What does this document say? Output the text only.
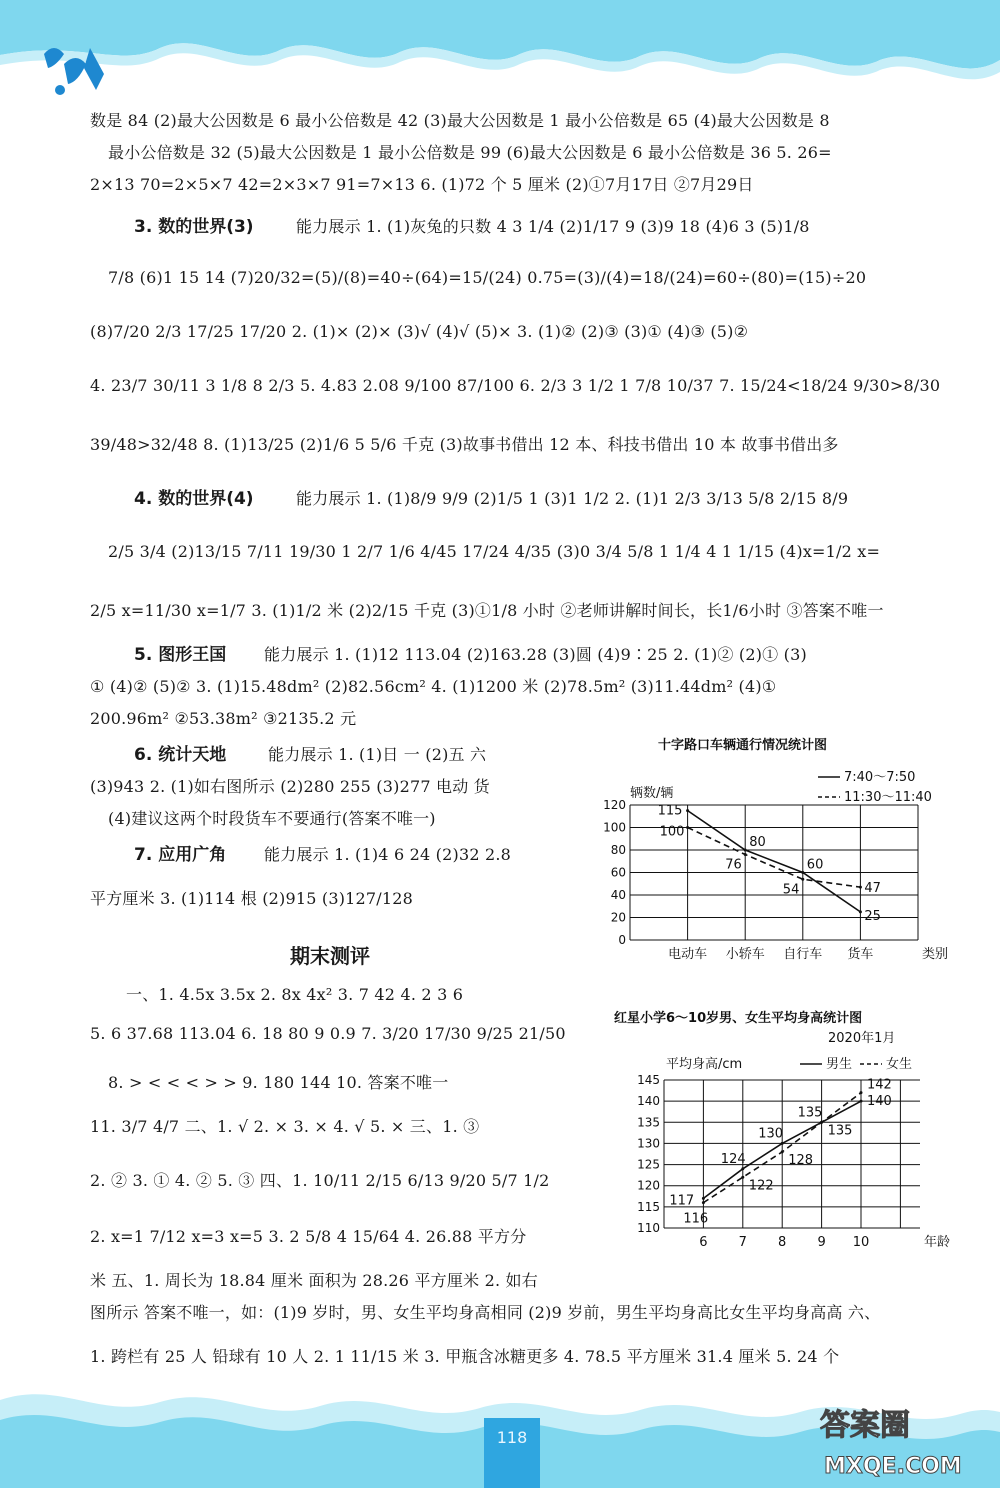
数是 84 (2)最大公因数是 6 最小公倍数是 42 (3)最大公因数是 1 最小公倍数是 65 (4)最大公因数是 8
最小公倍数是 32 (5)最大公因数是 1 最小公倍数是 99 (6)最大公因数是 6 最小公倍数是 36 5. 26=
2×13 70=2×5×7 42=2×3×7 91=7×13 6. (1)72 个 5 厘米 (2)①7月17日 ②7月29日
能力展示 1. (1)灰兔的只数 4 3 1/4 (2)1/17 9 (3)9 18 (4)6 3 (5)1/8
7/8 (6)1 15 14 (7)20/32=(5)/(8)=40÷(64)=15/(24) 0.75=(3)/(4)=18/(24)=60÷(80)=(15)÷20
(8)7/20 2/3 17/25 17/20 2. (1)× (2)× (3)√ (4)√ (5)× 3. (1)② (2)③ (3)① (4)③ (5)②
4. 23/7 30/11 3 1/8 8 2/3 5. 4.83 2.08 9/100 87/100 6. 2/3 3 1/2 1 7/8 10/37 7. 15/24<18/24 9/30>8/30
39/48>32/48 8. (1)13/25 (2)1/6 5 5/6 千克 (3)故事书借出 12 本、科技书借出 10 本 故事书借出多
能力展示 1. (1)8/9 9/9 (2)1/5 1 (3)1 1/2 2. (1)1 2/3 3/13 5/8 2/15 8/9
2/5 3/4 (2)13/15 7/11 19/30 1 2/7 1/6 4/45 17/24 4/35 (3)0 3/4 5/8 1 1/4 4 1 1/15 (4)x=1/2 x=
2/5 x=11/30 x=1/7 3. (1)1/2 米 (2)2/15 千克 (3)①1/8 小时 ②老师讲解时间长，长1/6小时 ③答案不唯一
能力展示 1. (1)12 113.04 (2)163.28 (3)圆 (4)9∶25 2. (1)② (2)① (3)
① (4)② (5)② 3. (1)15.48dm² (2)82.56cm² 4. (1)1200 米 (2)78.5m² (3)11.44dm² (4)①
200.96m² ②53.38m² ③2135.2 元
能力展示 1. (1)日 一 (2)五 六
(3)943 2. (1)如右图所示 (2)280 255 (3)277 电动 货
(4)建议这两个时段货车不要通行(答案不唯一)
能力展示 1. (1)4 6 24 (2)32 2.8
平方厘米 3. (1)114 根 (2)915 (3)127/128
一、1. 4.5x 3.5x 2. 8x 4x² 3. 7 42 4. 2 3 6
5. 6 37.68 113.04 6. 18 80 9 0.9 7. 3/20 17/30 9/25 21/50
8. > < < < > > 9. 180 144 10. 答案不唯一
11. 3/7 4/7 二、1. √ 2. × 3. × 4. √ 5. × 三、1. ③
2. ② 3. ① 4. ② 5. ③ 四、1. 10/11 2/15 6/13 9/20 5/7 1/2
2. x=1 7/12 x=3 x=5 3. 2 5/8 4 15/64 4. 26.88 平方分
米 五、1. 周长为 18.84 厘米 面积为 28.26 平方厘米 2. 如右
图所示 答案不唯一，如：(1)9 岁时，男、女生平均身高相同 (2)9 岁前，男生平均身高比女生平均身高高 六、
1. 跨栏有 25 人 铅球有 10 人 2. 1 11/15 米 3. 甲瓶含冰糖更多 4. 78.5 平方厘米 31.4 厘米 5. 24 个
3. 数的世界(3)
4. 数的世界(4)
5. 图形王国
6. 统计天地
7. 应用广角
期末测评
十字路口车辆通行情况统计图
辆数/辆
0
20
40
60
80
100
120
电动车 小轿车 自行车 货车	类别
7:40～7:50
11:30～11:40
115
80
60
25
100
76
54	47
红星小学6～10岁男、女生平均身高统计图
2020年1月
平均身高/cm
110
115
120
125
130
135
140
145
6 7 8 9 10	年龄
男生	女生
117
124
130
135
140
116
122
128
135
142
118	答案圈
MXQE.COM
